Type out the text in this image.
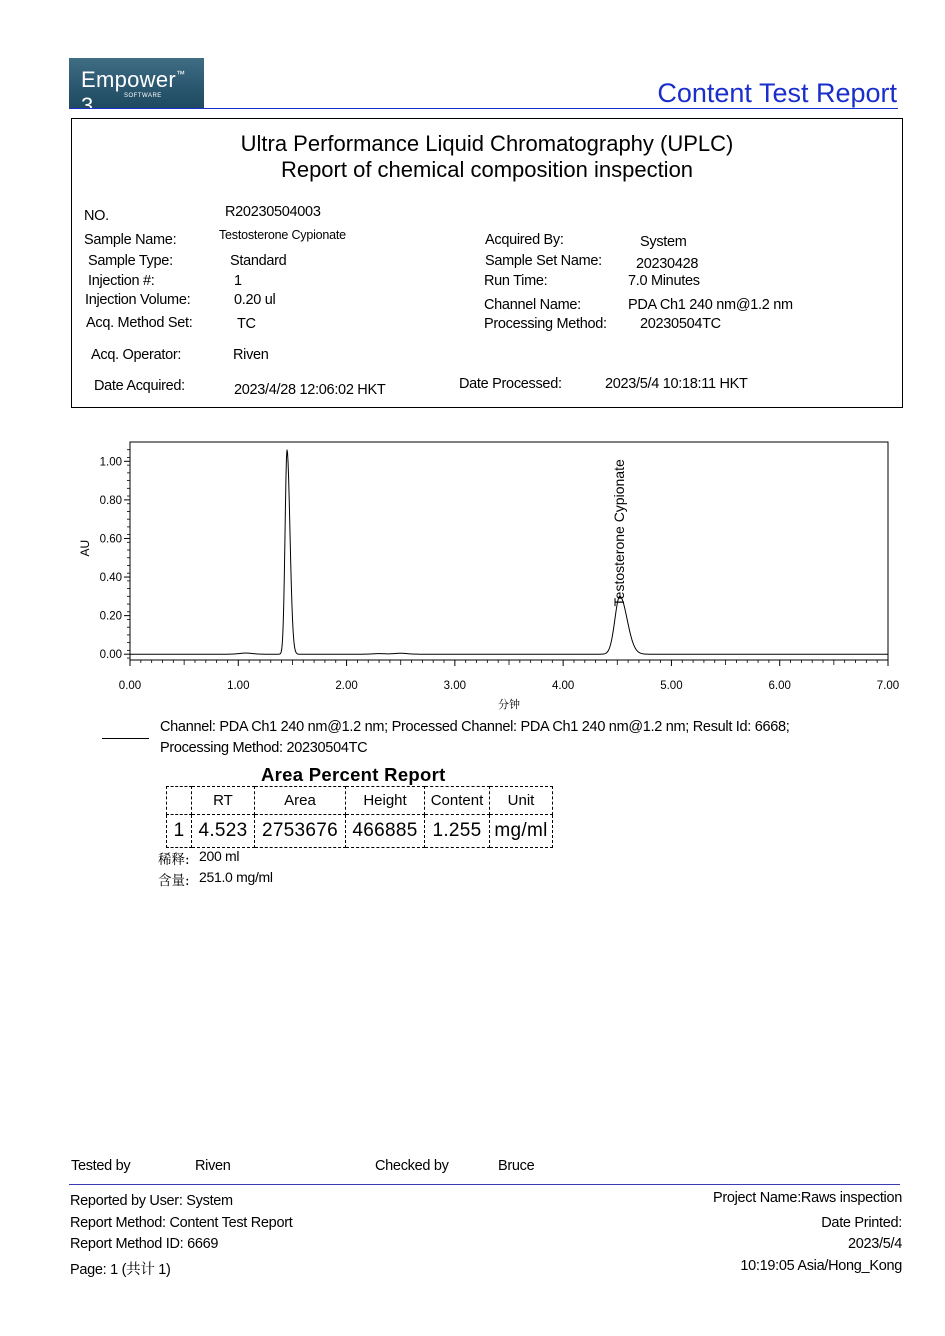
Empower™ 3	SOFTWARE	Content Test Report
Ultra Performance Liquid Chromatography (UPLC)
Report of chemical composition inspection
NO.	R20230504003
Sample Name:	Testosterone Cypionate
Sample Type:	Standard
Injection #:	1
Injection Volume:	0.20 ul
Acq. Method Set:	TC
Acq. Operator:	Riven
Date Acquired:	2023/4/28 12:06:02 HKT
Acquired By:	System
Sample Set Name: 20230428
Run Time:	7.0 Minutes
Channel Name:	PDA Ch1 240 nm@1.2 nm
Processing Method: 20230504TC
Date Processed:	2023/5/4 10:18:11 HKT
0.00	1.00	2.00	3.00	4.00	5.00	6.00	7.00
0.00
0.20
0.40
0.60
0.80
1.00	Testosterone Cypionate
AU
分钟
Channel: PDA Ch1 240 nm@1.2 nm; Processed Channel: PDA Ch1 240 nm@1.2 nm; Result Id: 6668;
Processing Method: 20230504TC
Area Percent Report
	RT	Area	Height	Content	Unit
1	4.523	2753676	466885	1.255	mg/ml
稀释: 200 ml
含量: 251.0 mg/ml
Tested by	Riven	Checked by	Bruce
Reported by User: System
Report Method: Content Test Report
Report Method ID: 6669
Page: 1 (共计 1)
Project Name:Raws inspection
Date Printed:
2023/5/4
10:19:05 Asia/Hong_Kong
